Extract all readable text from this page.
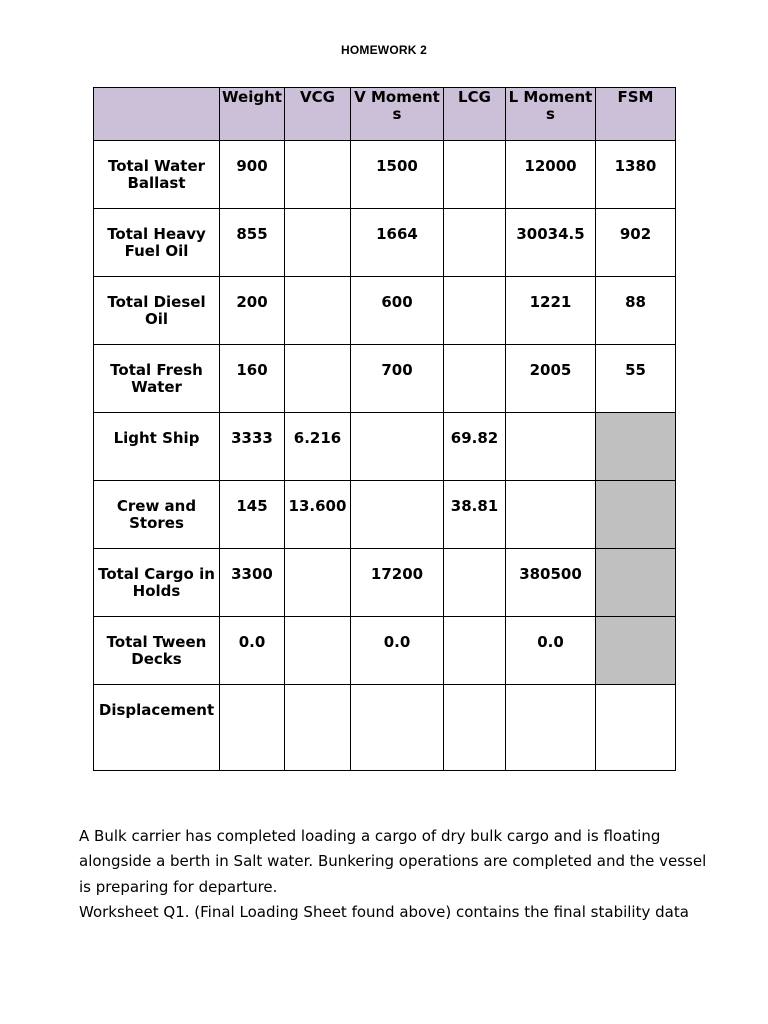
HOMEWORK 2
	Weight	VCG	V Moments	LCG	L Moments	FSM
Total Water Ballast	900		1500		12000	1380
Total Heavy Fuel Oil	855		1664		30034.5	902
Total Diesel Oil	200		600		1221	88
Total Fresh Water	160		700		2005	55
Light Ship	3333	6.216		69.82		
Crew and Stores	145	13.600		38.81		
Total Cargo in Holds	3300		17200		380500	
Total Tween Decks	0.0		0.0		0.0	
Displacement						

A Bulk carrier has completed loading a cargo of dry bulk cargo and is floating alongside a berth in Salt water. Bunkering operations are completed and the vessel is preparing for departure.

Worksheet Q1. (Final Loading Sheet found above) contains the final stability data
